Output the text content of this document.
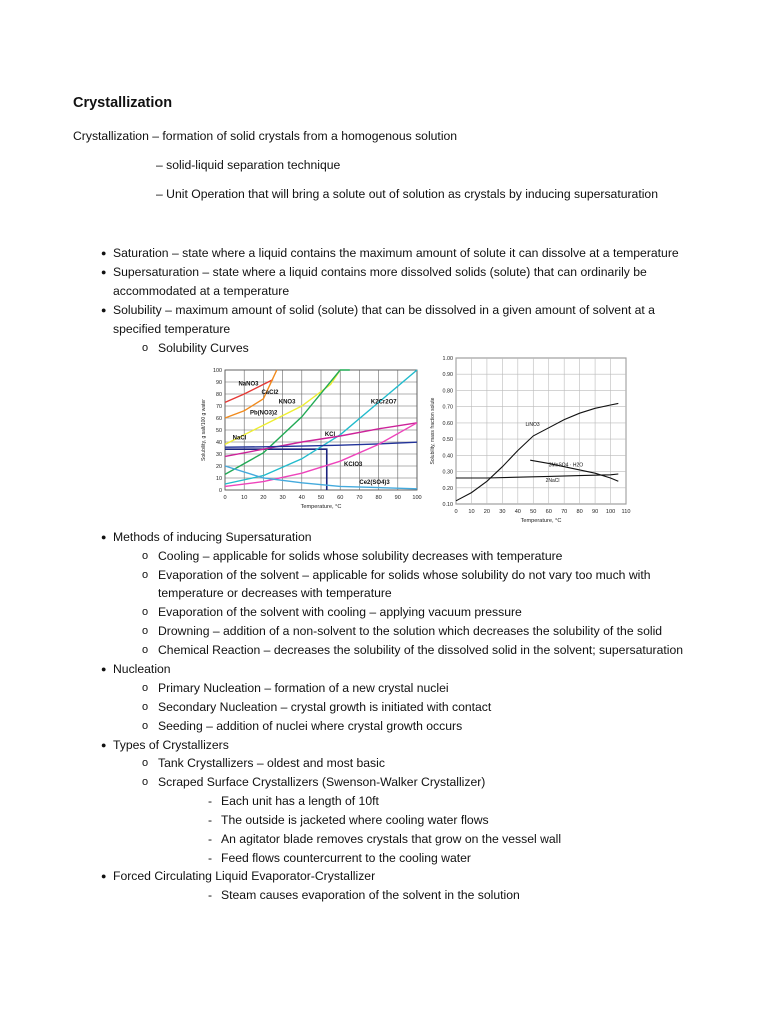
Crystallization
Crystallization – formation of solid crystals from a homogenous solution
– solid-liquid separation technique
– Unit Operation that will bring a solute out of solution as crystals by inducing supersaturation
● Saturation – state where a liquid contains the maximum amount of solute it can dissolve at a temperature
● Supersaturation – state where a liquid contains more dissolved solids (solute) that can ordinarily be
accommodated at a temperature
● Solubility – maximum amount of solid (solute) that can be dissolved in a given amount of solvent at a
specified temperature
o Solubility Curves
0	10 20 30 40 50 60 70 80 90 100
0
10
20
30
40
50
60
70
80
90
100
Temperature, °C
Solubility, g salt/100 g water
NaNO3
CaCl2
Pb(NO3)2
KNO3	K2Cr2O7
KCl
NaCl
KClO3
Ce2(SO4)3
0 10 20 30 40 50 60 70 80 90 100 110
0.10
0.20
0.30
0.40
0.50
0.60
0.70
0.80
0.90
1.00
Temperature, °C
Solubility, mass fraction solute	LiNO3
3MnSO4 · H2O
2NaCl
● Methods of inducing Supersaturation
o Cooling – applicable for solids whose solubility decreases with temperature
o Evaporation of the solvent – applicable for solids whose solubility do not vary too much with
temperature or decreases with temperature
o Evaporation of the solvent with cooling – applying vacuum pressure
o Drowning – addition of a non-solvent to the solution which decreases the solubility of the solid
o Chemical Reaction – decreases the solubility of the dissolved solid in the solvent; supersaturation
● Nucleation
o Primary Nucleation – formation of a new crystal nuclei
o Secondary Nucleation – crystal growth is initiated with contact
o Seeding – addition of nuclei where crystal growth occurs
● Types of Crystallizers
o Tank Crystallizers – oldest and most basic
o Scraped Surface Crystallizers (Swenson-Walker Crystallizer)
- Each unit has a length of 10ft
- The outside is jacketed where cooling water flows
- An agitator blade removes crystals that grow on the vessel wall
- Feed flows countercurrent to the cooling water
● Forced Circulating Liquid Evaporator-Crystallizer
- Steam causes evaporation of the solvent in the solution
